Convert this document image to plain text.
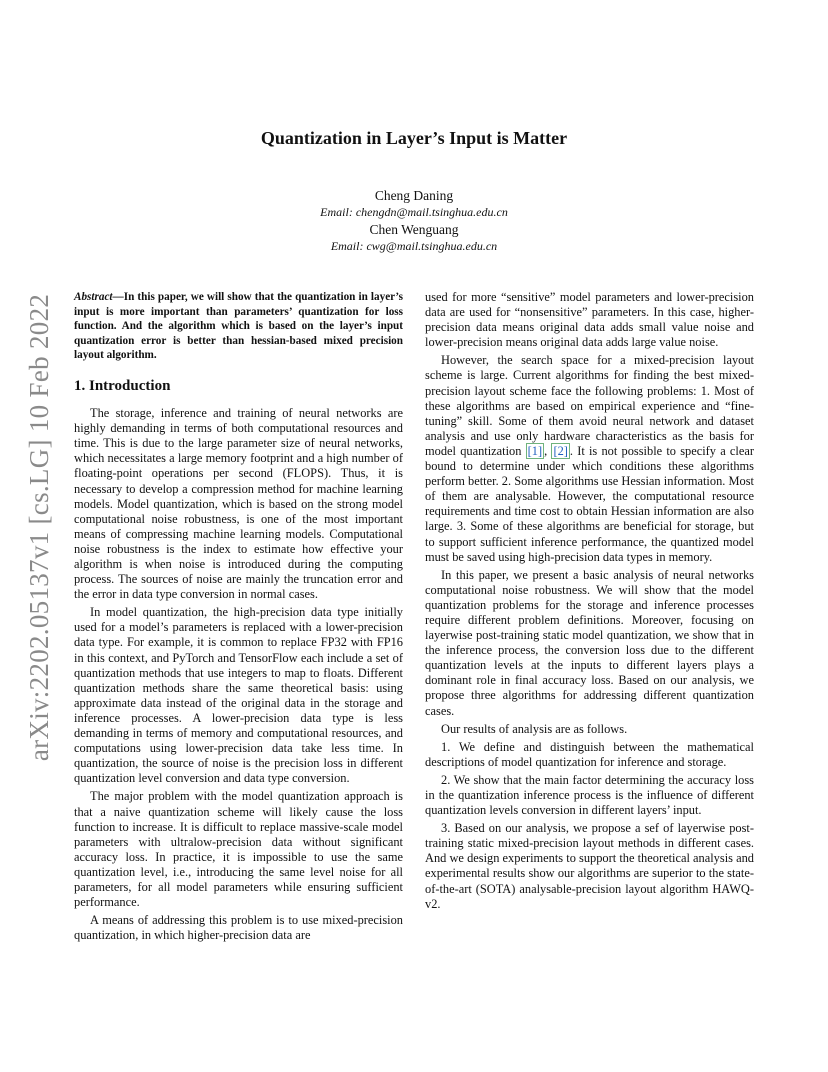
arXiv:2202.05137v1 [cs.LG] 10 Feb 2022
Quantization in Layer’s Input is Matter
Cheng Daning
Email: chengdn@mail.tsinghua.edu.cn
Chen Wenguang
Email: cwg@mail.tsinghua.edu.cn
Abstract—In this paper, we will show that the quantization in layer’s input is more important than parameters’ quantization for loss function. And the algorithm which is based on the layer’s input quantization error is better than hessian-based mixed precision layout algorithm.
1. Introduction

The storage, inference and training of neural networks are highly demanding in terms of both computational resources and time. This is due to the large parameter size of neural networks, which necessitates a large memory footprint and a high number of floating-point operations per second (FLOPS). Thus, it is necessary to develop a compression method for machine learning models. Model quantization, which is based on the strong model computational noise robustness, is one of the most important means of compressing machine learning models. Computational noise robustness is the index to estimate how effective your algorithm is when noise is introduced during the computing process. The sources of noise are mainly the truncation error and the error in data type conversion in normal cases.

In model quantization, the high-precision data type initially used for a model’s parameters is replaced with a lower-precision data type. For example, it is common to replace FP32 with FP16 in this context, and PyTorch and TensorFlow each include a set of quantization methods that use integers to map to floats. Different quantization methods share the same theoretical basis: using approximate data instead of the original data in the storage and inference processes. A lower-precision data type is less demanding in terms of memory and computational resources, and computations using lower-precision data take less time. In quantization, the source of noise is the precision loss in different quantization level conversion and data type conversion.

The major problem with the model quantization approach is that a naive quantization scheme will likely cause the loss function to increase. It is difficult to replace massive-scale model parameters with ultralow-precision data without significant accuracy loss. In practice, it is impossible to use the same quantization level, i.e., introducing the same level noise for all parameters, for all model parameters while ensuring sufficient performance.

A means of addressing this problem is to use mixed-precision quantization, in which higher-precision data are

used for more “sensitive” model parameters and lower-precision data are used for “nonsensitive” parameters. In this case, higher-precision data means original data adds small value noise and lower-precision means original data adds large value noise.

However, the search space for a mixed-precision layout scheme is large. Current algorithms for finding the best mixed-precision layout scheme face the following problems: 1. Most of these algorithms are based on empirical experience and “fine-tuning” skill. Some of them avoid neural network and dataset analysis and use only hardware characteristics as the basis for model quantization [1] , [2] . It is not possible to specify a clear bound to determine under which conditions these algorithms perform better. 2. Some algorithms use Hessian information. Most of them are analysable. However, the computational resource requirements and time cost to obtain Hessian information are also large. 3. Some of these algorithms are beneficial for storage, but to support sufficient inference performance, the quantized model must be saved using high-precision data types in memory.

In this paper, we present a basic analysis of neural networks computational noise robustness. We will show that the model quantization problems for the storage and inference processes require different problem definitions. Moreover, focusing on layerwise post-training static model quantization, we show that in the inference process, the conversion loss due to the different quantization levels at the inputs to different layers plays a dominant role in final accuracy loss. Based on our analysis, we propose three algorithms for addressing different quantization cases.

Our results of analysis are as follows.

1. We define and distinguish between the mathematical descriptions of model quantization for inference and storage.

2. We show that the main factor determining the accuracy loss in the quantization inference process is the influence of different quantization levels conversion in different layers’ input.

3. Based on our analysis, we propose a sef of layerwise post-training static mixed-precision layout methods in different cases. And we design experiments to support the theoretical analysis and experimental results show our algorithms are superior to the state-of-the-art (SOTA) analysable-precision layout algorithm HAWQ-v2.
